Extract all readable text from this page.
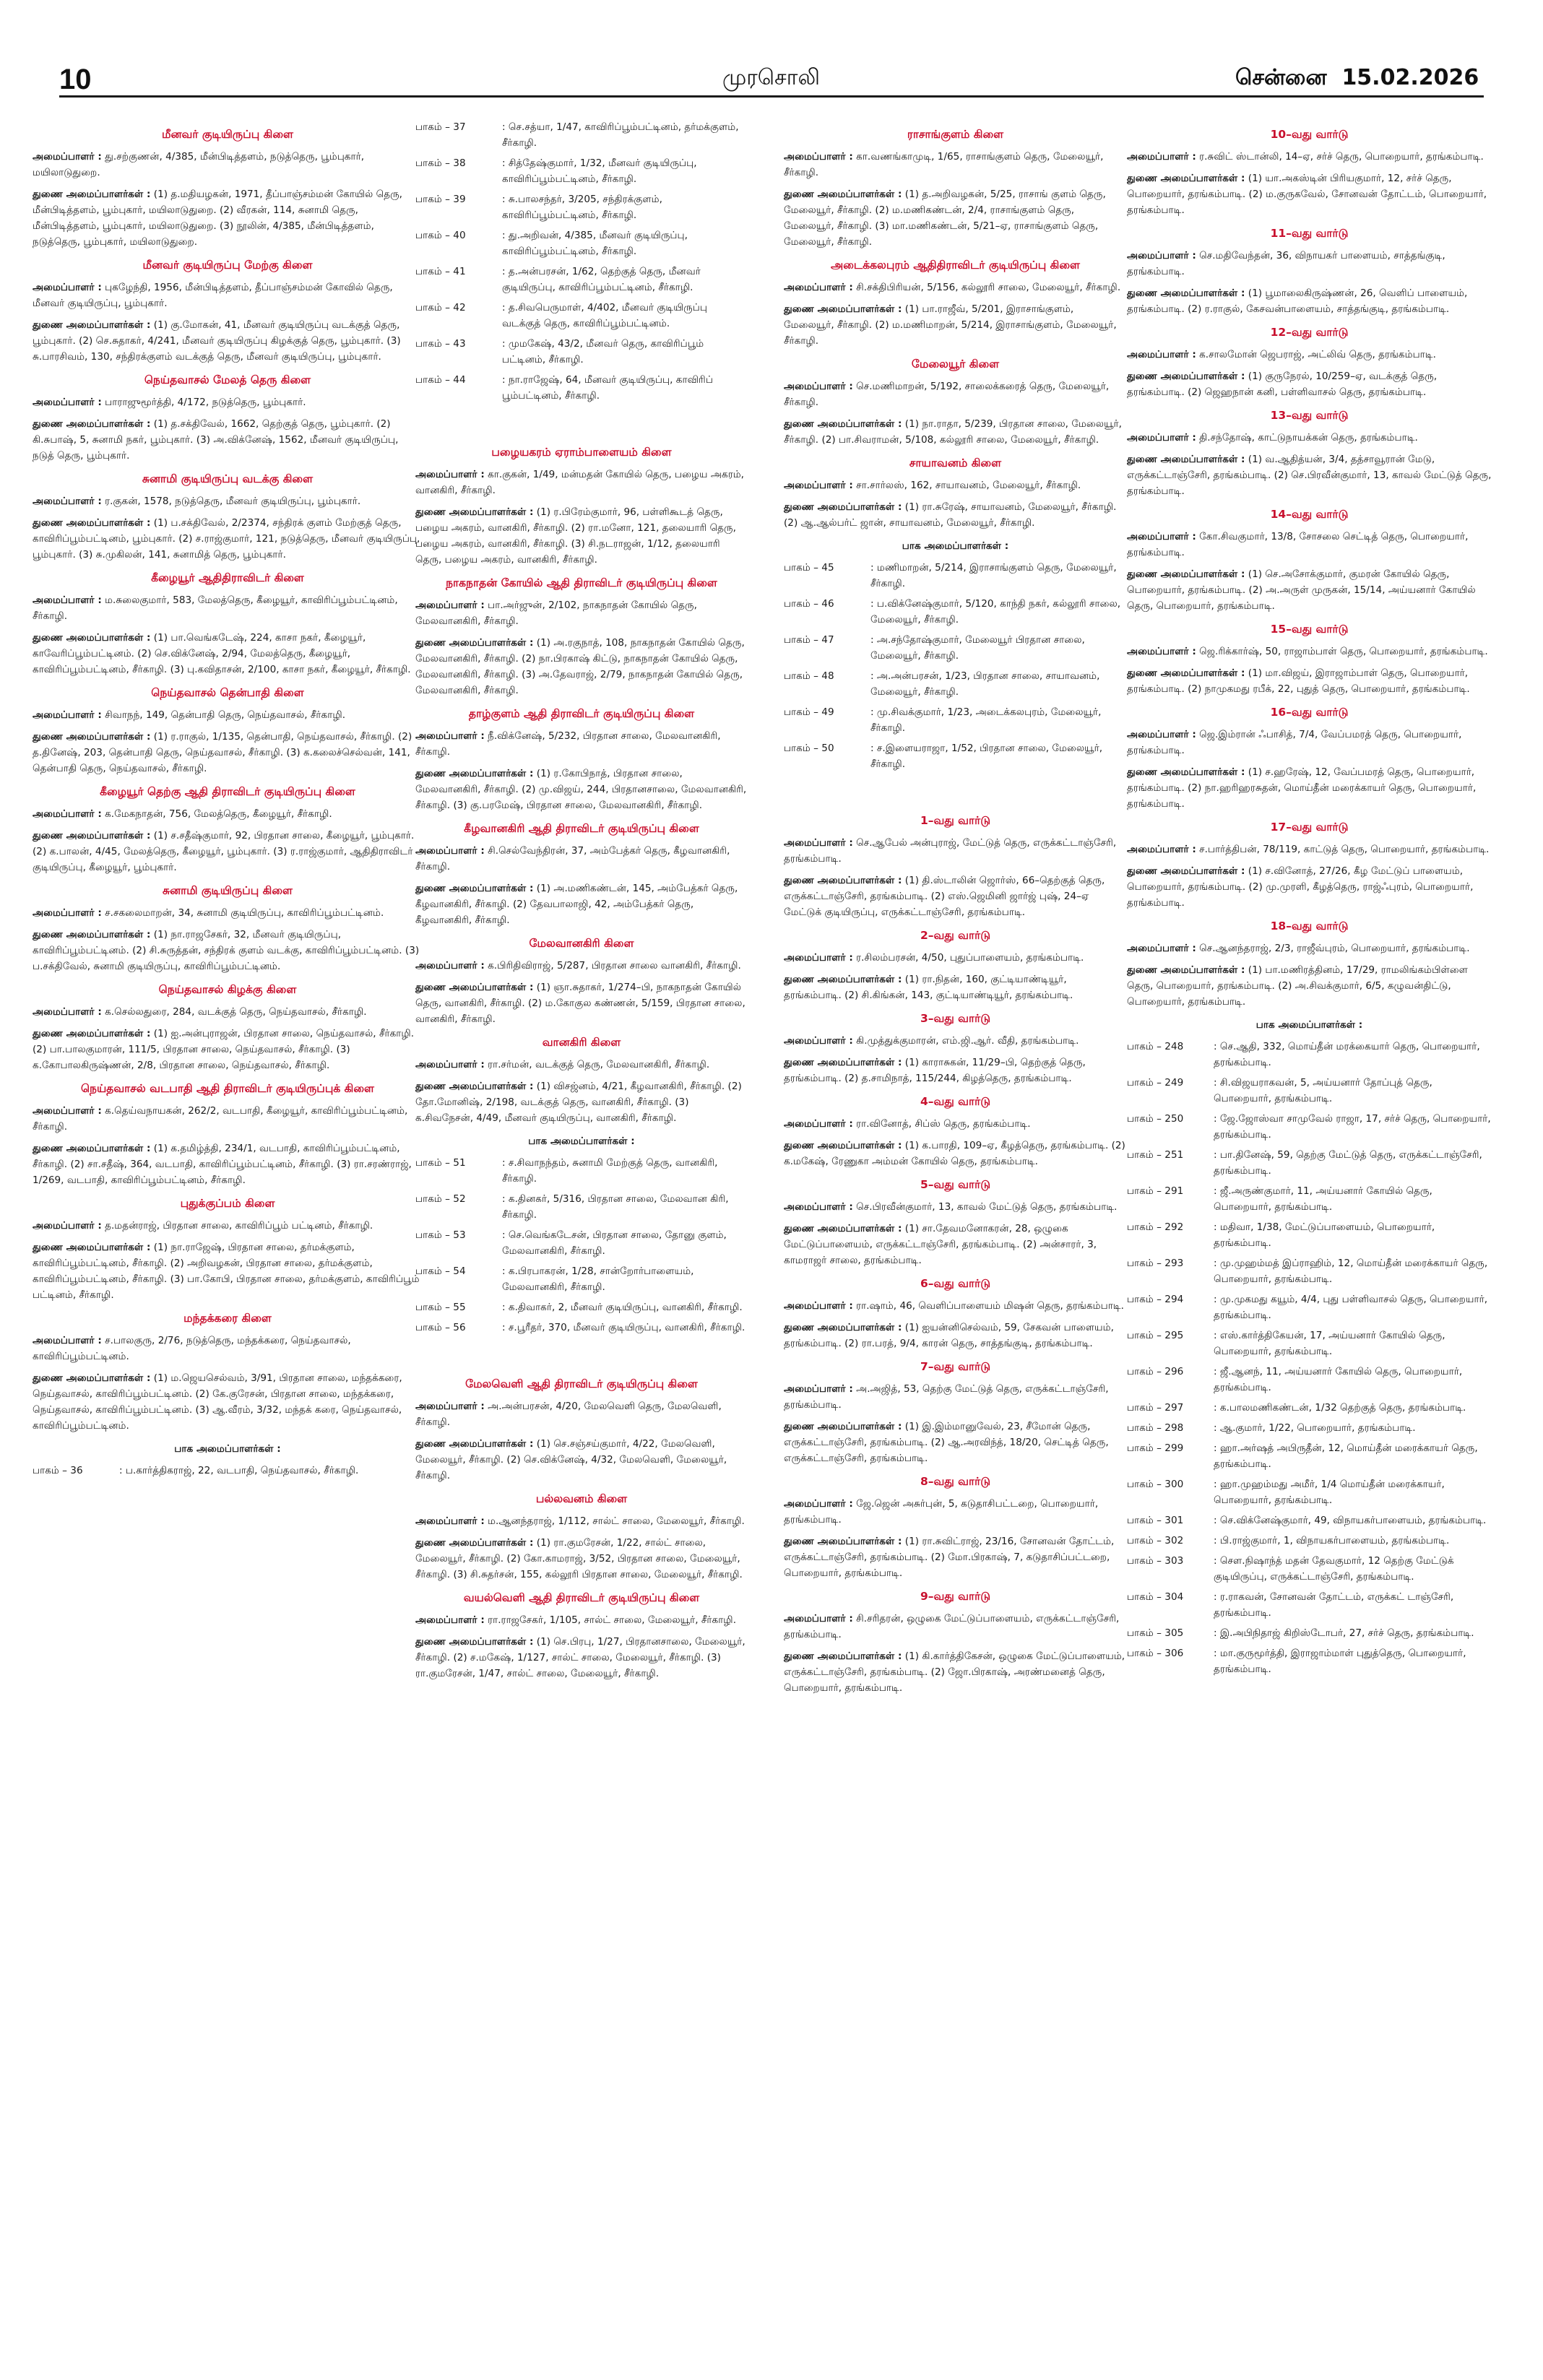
10	முரசொலி	சென்னை 15.02.2026
மீனவர் குடியிருப்பு கிளை
அமைப்பாளர் : து.சற்குணன், 4/385, மீன்பிடித்தளம், நடுத்தெரு, பூம்புகார், மயிலாடுதுறை.
துணை அமைப்பாளர்கள் : (1) த.மதியழகன், 1971, தீப்பாஞ்சம்மன் கோயில் தெரு, மீன்பிடித்தளம், பூம்புகார், மயிலாடுதுறை. (2) வீரகன், 114, சுனாமி தெரு, மீன்பிடித்தளம், பூம்புகார், மயிலாடுதுறை. (3) நூலின், 4/385, மீன்பிடித்தளம், நடுத்தெரு, பூம்புகார், மயிலாடுதுறை.
மீனவர் குடியிருப்பு மேற்கு கிளை
அமைப்பாளர் : புகழேந்தி, 1956, மீன்பிடித்தளம், தீப்பாஞ்சம்மன் கோவில் தெரு, மீனவர் குடியிருப்பு, பூம்புகார்.
துணை அமைப்பாளர்கள் : (1) கு.மோகன், 41, மீனவர் குடியிருப்பு வடக்குத் தெரு, பூம்புகார். (2) செ.சுதாகர், 4/241, மீனவர் குடியிருப்பு கிழக்குத் தெரு, பூம்புகார். (3) சு.பாரசிவம், 130, சந்திரக்குளம் வடக்குத் தெரு, மீனவர் குடியிருப்பு, பூம்புகார்.
நெய்தவாசல் மேலத் தெரு கிளை
அமைப்பாளர் : பாராஜுமூர்த்தி, 4/172, நடுத்தெரு, பூம்புகார்.
துணை அமைப்பாளர்கள் : (1) த.சக்திவேல், 1662, தெற்குத் தெரு, பூம்புகார். (2) கி.சுபாஷ், 5, சுனாமி நகர், பூம்புகார். (3) அ.விக்னேஷ், 1562, மீனவர் குடியிருப்பு, நடுத் தெரு, பூம்புகார்.
சுனாமி குடியிருப்பு வடக்கு கிளை
அமைப்பாளர் : ர.குகன், 1578, நடுத்தெரு, மீனவர் குடியிருப்பு, பூம்புகார்.
துணை அமைப்பாளர்கள் : (1) ப.சக்திவேல், 2/2374, சந்திரக் குளம் மேற்குத் தெரு, காவிரிப்பூம்பட்டினம், பூம்புகார். (2) ச.ராஜ்குமார், 121, நடுத்தெரு, மீனவர் குடியிருப்பு, பூம்புகார். (3) சு.முகிலன், 141, சுனாமித் தெரு, பூம்புகார்.
கீழையூர் ஆதிதிராவிடர் கிளை
அமைப்பாளர் : ம.சுலைகுமார், 583, மேலத்தெரு, கீழையூர், காவிரிப்பூம்பட்டினம், சீர்காழி.
துணை அமைப்பாளர்கள் : (1) பா.வெங்கடேஷ், 224, காசா நகர், கீழையூர், காவேரிப்பூம்பட்டினம். (2) செ.விக்னேஷ், 2/94, மேலத்தெரு, கீழையூர், காவிரிப்பூம்பட்டினம், சீர்காழி. (3) பு.கவிதாசன், 2/100, காசா நகர், கீழையூர், சீர்காழி.
நெய்தவாசல் தென்பாதி கிளை
அமைப்பாளர் : சிவாநந், 149, தென்பாதி தெரு, நெய்தவாசல், சீர்காழி.
துணை அமைப்பாளர்கள் : (1) ர.ராகுல், 1/135, தென்பாதி, நெய்தவாசல், சீர்காழி. (2) த.தினேஷ், 203, தென்பாதி தெரு, நெய்தவாசல், சீர்காழி. (3) க.கலைச்செல்வன், 141, தென்பாதி தெரு, நெய்தவாசல், சீர்காழி.
கீழையூர் தெற்கு ஆதி திராவிடர் குடியிருப்பு கிளை
அமைப்பாளர் : க.மேகநாதன், 756, மேலத்தெரு, கீழையூர், சீர்காழி.
துணை அமைப்பாளர்கள் : (1) ச.சதீஷ்குமார், 92, பிரதான சாலை, கீழையூர், பூம்புகார். (2) க.பாலன், 4/45, மேலத்தெரு, கீழையூர், பூம்புகார். (3) ர.ராஜ்குமார், ஆதிதிராவிடர் குடியிருப்பு, கீழையூர், பூம்புகார்.
சுனாமி குடியிருப்பு கிளை
அமைப்பாளர் : ச.சகலைமாறன், 34, சுனாமி குடியிருப்பு, காவிரிப்பூம்பட்டினம்.
துணை அமைப்பாளர்கள் : (1) நா.ராஜசேகர், 32, மீனவர் குடியிருப்பு, காவிரிப்பூம்பட்டினம். (2) சி.சுருத்தன், சந்திரக் குளம் வடக்கு, காவிரிப்பூம்பட்டினம். (3) ப.சக்திவேல், சுனாமி குடியிருப்பு, காவிரிப்பூம்பட்டினம்.
நெய்தவாசல் கிழக்கு கிளை
அமைப்பாளர் : க.செல்லதுரை, 284, வடக்குத் தெரு, நெய்தவாசல், சீர்காழி.
துணை அமைப்பாளர்கள் : (1) ஐ.அன்புராஜன், பிரதான சாலை, நெய்தவாசல், சீர்காழி. (2) பா.பாலகுமாரன், 111/5, பிரதான சாலை, நெய்தவாசல், சீர்காழி. (3) க.கோபாலகிருஷ்ணன், 2/8, பிரதான சாலை, நெய்தவாசல், சீர்காழி.
நெய்தவாசல் வடபாதி ஆதி திராவிடர் குடியிருப்புக் கிளை
அமைப்பாளர் : க.தெய்வநாயகன், 262/2, வடபாதி, கீழையூர், காவிரிப்பூம்பட்டினம், சீர்காழி.
துணை அமைப்பாளர்கள் : (1) க.தமிழ்த்தி, 234/1, வடபாதி, காவிரிப்பூம்பட்டினம், சீர்காழி. (2) சா.சதீஷ், 364, வடபாதி, காவிரிப்பூம்பட்டினம், சீர்காழி. (3) ரா.சரண்ராஜ், 1/269, வடபாதி, காவிரிப்பூம்பட்டினம், சீர்காழி.
புதுக்குப்பம் கிளை
அமைப்பாளர் : த.மதன்ராஜ், பிரதான சாலை, காவிரிப்பூம் பட்டினம், சீர்காழி.
துணை அமைப்பாளர்கள் : (1) நா.ராஜேஷ், பிரதான சாலை, தர்மக்குளம், காவிரிப்பூம்பட்டினம், சீர்காழி. (2) அறிவழகன், பிரதான சாலை, தர்மக்குளம், காவிரிப்பூம்பட்டினம், சீர்காழி. (3) பா.கோபி, பிரதான சாலை, தர்மக்குளம், காவிரிப்பூம் பட்டினம், சீர்காழி.
மந்தக்கரை கிளை
அமைப்பாளர் : ச.பாலகுரு, 2/76, நடுத்தெரு, மந்தக்கரை, நெய்தவாசல், காவிரிப்பூம்பட்டினம்.
துணை அமைப்பாளர்கள் : (1) ம.ஜெயசெல்வம், 3/91, பிரதான சாலை, மந்தக்கரை, நெய்தவாசல், காவிரிப்பூம்பட்டினம். (2) கே.குரேசன், பிரதான சாலை, மந்தக்கரை, நெய்தவாசல், காவிரிப்பூம்பட்டினம். (3) ஆ.வீரம், 3/32, மந்தக் கரை, நெய்தவாசல், காவிரிப்பூம்பட்டினம்.
பாக அமைப்பாளர்கள் :
பாகம் – 36	: ப.கார்த்திகராஜ், 22, வடபாதி, நெய்தவாசல், சீர்காழி.
பாகம் – 37	: செ.சத்யா, 1/47, காவிரிப்பூம்பட்டினம், தர்மக்குளம், சீர்காழி.
பாகம் – 38	: சித்தேஷ்குமார், 1/32, மீனவர் குடியிருப்பு, காவிரிப்பூம்பட்டினம், சீர்காழி.
பாகம் – 39	: சு.பாலசந்தர், 3/205, சந்திரக்குளம், காவிரிப்பூம்பட்டினம், சீர்காழி.
பாகம் – 40	: து.அறிவன், 4/385, மீனவர் குடியிருப்பு, காவிரிப்பூம்பட்டினம், சீர்காழி.
பாகம் – 41	: த.அன்பரசன், 1/62, தெற்குத் தெரு, மீனவர் குடியிருப்பு, காவிரிப்பூம்பட்டினம், சீர்காழி.
பாகம் – 42	: த.சிவபெருமாள், 4/402, மீனவர் குடியிருப்பு வடக்குத் தெரு, காவிரிப்பூம்பட்டினம்.
பாகம் – 43	: முமகேஷ், 43/2, மீனவர் தெரு, காவிரிப்பூம் பட்டினம், சீர்காழி.
பாகம் – 44	: நா.ராஜேஷ், 64, மீனவர் குடியிருப்பு, காவிரிப் பூம்பட்டினம், சீர்காழி.
பழையகரம் ஏராம்பாளையம் கிளை
அமைப்பாளர் : கா.குகன், 1/49, மன்மதன் கோயில் தெரு, பழைய அகரம், வானகிரி, சீர்காழி.
துணை அமைப்பாளர்கள் : (1) ர.பிரேம்குமார், 96, பள்ளிகூடத் தெரு, பழைய அகரம், வானகிரி, சீர்காழி. (2) ரா.மனோ, 121, தலையாரி தெரு, பழைய அகரம், வானகிரி, சீர்காழி. (3) சி.நடராஜன், 1/12, தலையாரி தெரு, பழைய அகரம், வானகிரி, சீர்காழி.
நாகநாதன் கோயில் ஆதி திராவிடர் குடியிருப்பு கிளை
அமைப்பாளர் : பா.அர்ஜுன், 2/102, நாகநாதன் கோயில் தெரு, மேலவானகிரி, சீர்காழி.
துணை அமைப்பாளர்கள் : (1) அ.ரகுநாத், 108, நாகநாதன் கோயில் தெரு, மேலவானகிரி, சீர்காழி. (2) நா.பிரகாஷ் கிட்டு, நாகநாதன் கோயில் தெரு, மேலவானகிரி, சீர்காழி. (3) அ.தேவராஜ், 2/79, நாகநாதன் கோயில் தெரு, மேலவானகிரி, சீர்காழி.
தாழ்குளம் ஆதி திராவிடர் குடியிருப்பு கிளை
அமைப்பாளர் : நீ.விக்னேஷ், 5/232, பிரதான சாலை, மேலவானகிரி, சீர்காழி.
துணை அமைப்பாளர்கள் : (1) ர.கோபிநாத், பிரதான சாலை, மேலவானகிரி, சீர்காழி. (2) மு.விஜய், 244, பிரதானசாலை, மேலவானகிரி, சீர்காழி. (3) கு.பரமேஷ், பிரதான சாலை, மேலவானகிரி, சீர்காழி.
கீழவானகிரி ஆதி திராவிடர் குடியிருப்பு கிளை
அமைப்பாளர் : சி.செல்வேந்திரன், 37, அம்பேத்கர் தெரு, கீழவானகிரி, சீர்காழி.
துணை அமைப்பாளர்கள் : (1) அ.மணிகண்டன், 145, அம்பேத்கர் தெரு, கீழவானகிரி, சீர்காழி. (2) தேவபாலாஜி, 42, அம்பேத்கர் தெரு, கீழவானகிரி, சீர்காழி.
மேலவானகிரி கிளை
அமைப்பாளர் : க.பிரிதிவிராஜ், 5/287, பிரதான சாலை வானகிரி, சீர்காழி.
துணை அமைப்பாளர்கள் : (1) ஞா.சுதாகர், 1/274–பி, நாகநாதன் கோயில் தெரு, வானகிரி, சீர்காழி. (2) ம.கோகுல கண்ணன், 5/159, பிரதான சாலை, வானகிரி, சீர்காழி.
வானகிரி கிளை
அமைப்பாளர் : ரா.சர்மன், வடக்குத் தெரு, மேலவானகிரி, சீர்காழி.
துணை அமைப்பாளர்கள் : (1) விசஜ்னம், 4/21, கீழவானகிரி, சீர்காழி. (2) தோ.மோனிஷ், 2/198, வடக்குத் தெரு, வானகிரி, சீர்காழி. (3) க.சிவநேசன், 4/49, மீனவர் குடியிருப்பு, வானகிரி, சீர்காழி.
பாக அமைப்பாளர்கள் :
பாகம் – 51	: ச.சிவாநந்தம், சுனாமி மேற்குத் தெரு, வானகிரி, சீர்காழி.
பாகம் – 52	: க.தினகர், 5/316, பிரதான சாலை, மேலவான கிரி, சீர்காழி.
பாகம் – 53	: செ.வெங்கடேசன், பிரதான சாலை, தோனு குளம், மேலவானகிரி, சீர்காழி.
பாகம் – 54	: க.பிரபாகரன், 1/28, சான்றோர்பாளையம், மேலவானகிரி, சீர்காழி.
பாகம் – 55	: க.திவாகர், 2, மீனவர் குடியிருப்பு, வானகிரி, சீர்காழி.
பாகம் – 56	: ச.பூரீதர், 370, மீனவர் குடியிருப்பு, வானகிரி, சீர்காழி.
மேலவெளி ஆதி திராவிடர் குடியிருப்பு கிளை
அமைப்பாளர் : அ.அன்பரசன், 4/20, மேலவெளி தெரு, மேலவெளி, சீர்காழி.
துணை அமைப்பாளர்கள் : (1) செ.சஞ்சய்குமார், 4/22, மேலவெளி, மேலையூர், சீர்காழி. (2) செ.விக்னேஷ், 4/32, மேலவெளி, மேலையூர், சீர்காழி.
பல்லவனம் கிளை
அமைப்பாளர் : ம.ஆனந்தராஜ், 1/112, சால்ட் சாலை, மேலையூர், சீர்காழி.
துணை அமைப்பாளர்கள் : (1) ரா.குமரேசன், 1/22, சால்ட் சாலை, மேலையூர், சீர்காழி. (2) கோ.காமராஜ், 3/52, பிரதான சாலை, மேலையூர், சீர்காழி. (3) சி.சுதர்சன், 155, கல்லூரி பிரதான சாலை, மேலையூர், சீர்காழி.
வயல்வெளி ஆதி திராவிடர் குடியிருப்பு கிளை
அமைப்பாளர் : ரா.ராஜசேகர், 1/105, சால்ட் சாலை, மேலையூர், சீர்காழி.
துணை அமைப்பாளர்கள் : (1) செ.பிரபு, 1/27, பிரதானசாலை, மேலையூர், சீர்காழி. (2) ச.மகேஷ், 1/127, சால்ட் சாலை, மேலையூர், சீர்காழி. (3) ரா.குமரேசன், 1/47, சால்ட் சாலை, மேலையூர், சீர்காழி.
ராசாங்குளம் கிளை
அமைப்பாளர் : கா.வணங்காமுடி, 1/65, ராசாங்குளம் தெரு, மேலையூர், சீர்காழி.
துணை அமைப்பாளர்கள் : (1) த.அறிவழகன், 5/25, ராசாங் குளம் தெரு, மேலையூர், சீர்காழி. (2) ம.மணிகண்டன், 2/4, ராசாங்குளம் தெரு, மேலையூர், சீர்காழி. (3) மா.மணிகண்டன், 5/21–ஏ, ராசாங்குளம் தெரு, மேலையூர், சீர்காழி.
அடைக்கலபுரம் ஆதிதிராவிடர் குடியிருப்பு கிளை
அமைப்பாளர் : சி.சக்திபிரியன், 5/156, கல்லூரி சாலை, மேலையூர், சீர்காழி.
துணை அமைப்பாளர்கள் : (1) பா.ராஜீவ், 5/201, இராசாங்குளம், மேலையூர், சீர்காழி. (2) ம.மணிமாறன், 5/214, இராசாங்குளம், மேலையூர், சீர்காழி.
மேலையூர் கிளை
அமைப்பாளர் : செ.மணிமாறன், 5/192, சாலைக்கரைத் தெரு, மேலையூர், சீர்காழி.
துணை அமைப்பாளர்கள் : (1) நா.ராதா, 5/239, பிரதான சாலை, மேலையூர், சீர்காழி. (2) பா.சிவராமன், 5/108, கல்லூரி சாலை, மேலையூர், சீர்காழி.
சாயாவனம் கிளை
அமைப்பாளர் : சா.சார்லஸ், 162, சாயாவனம், மேலையூர், சீர்காழி.
துணை அமைப்பாளர்கள் : (1) ரா.சுரேஷ், சாயாவனம், மேலையூர், சீர்காழி. (2) ஆ.ஆல்பர்ட் ஜான், சாயாவனம், மேலையூர், சீர்காழி.
பாக அமைப்பாளர்கள் :
பாகம் – 45	: மணிமாறன், 5/214, இராசாங்குளம் தெரு, மேலையூர், சீர்காழி.
பாகம் – 46	: ப.விக்னேஷ்குமார், 5/120, காந்தி நகர், கல்லூரி சாலை, மேலையூர், சீர்காழி.
பாகம் – 47	: அ.சந்தோஷ்குமார், மேலையூர் பிரதான சாலை, மேலையூர், சீர்காழி.
பாகம் – 48	: அ.அன்பரசன், 1/23, பிரதான சாலை, சாயாவனம், மேலையூர், சீர்காழி.
பாகம் – 49	: மு.சிவக்குமார், 1/23, அடைக்கலபுரம், மேலையூர், சீர்காழி.
பாகம் – 50	: ச.இளையராஜா, 1/52, பிரதான சாலை, மேலையூர், சீர்காழி.
1–வது வார்டு
அமைப்பாளர் : செ.ஆபேல் அன்புராஜ், மேட்டுத் தெரு, எருக்கட்டாஞ்சேரி, தரங்கம்பாடி.
துணை அமைப்பாளர்கள் : (1) தி.ஸ்டாலின் ஜொர்ஸ், 66–தெற்குத் தெரு, எருக்கட்டாஞ்சேரி, தரங்கம்பாடி. (2) எஸ்.ஜெமினி ஜார்ஜ் புஷ், 24–ஏ மேட்டுக் குடியிருப்பு, எருக்கட்டாஞ்சேரி, தரங்கம்பாடி.
2–வது வார்டு
அமைப்பாளர் : ர.சிலம்பரசன், 4/50, புதுப்பாளையம், தரங்கம்பாடி.
துணை அமைப்பாளர்கள் : (1) ரா.நிதன், 160, குட்டியாண்டியூர், தரங்கம்பாடி. (2) சி.கிங்கன், 143, குட்டியாண்டியூர், தரங்கம்பாடி.
3–வது வார்டு
அமைப்பாளர் : கி.முத்துக்குமாரன், எம்.ஜி.ஆர். வீதி, தரங்கம்பாடி.
துணை அமைப்பாளர்கள் : (1) காராசுகன், 11/29–பி, தெற்குத் தெரு, தரங்கம்பாடி. (2) த.சாமிநாத், 115/244, கிழத்தெரு, தரங்கம்பாடி.
4–வது வார்டு
அமைப்பாளர் : ரா.வினோத், சிப்ஸ் தெரு, தரங்கம்பாடி.
துணை அமைப்பாளர்கள் : (1) க.பாரதி, 109–ஏ, கீழத்தெரு, தரங்கம்பாடி. (2) க.மகேஷ், ரேணுகா அம்மன் கோயில் தெரு, தரங்கம்பாடி.
5–வது வார்டு
அமைப்பாளர் : செ.பிரவீன்குமார், 13, காவல் மேட்டுத் தெரு, தரங்கம்பாடி.
துணை அமைப்பாளர்கள் : (1) சா.தேவமனோகரன், 28, ஒழுகை மேட்டுப்பாளையம், எருக்கட்டாஞ்சேரி, தரங்கம்பாடி. (2) அன்சாரர், 3, காமராஜர் சாலை, தரங்கம்பாடி.
6–வது வார்டு
அமைப்பாளர் : ரா.ஷாம், 46, வெளிப்பாளையம் மிஷன் தெரு, தரங்கம்பாடி.
துணை அமைப்பாளர்கள் : (1) ஐயன்னிசெல்வம், 59, சேகவன் பாளையம், தரங்கம்பாடி. (2) ரா.பரத், 9/4, காரன் தெரு, சாத்தங்குடி, தரங்கம்பாடி.
7–வது வார்டு
அமைப்பாளர் : அ.அஜித், 53, தெற்கு மேட்டுத் தெரு, எருக்கட்டாஞ்சேரி, தரங்கம்பாடி.
துணை அமைப்பாளர்கள் : (1) இ.இம்மானுவேல், 23, சீமோன் தெரு, எருக்கட்டாஞ்சேரி, தரங்கம்பாடி. (2) ஆ.அரவிந்த், 18/20, செட்டித் தெரு, எருக்கட்டாஞ்சேரி, தரங்கம்பாடி.
8–வது வார்டு
அமைப்பாளர் : ஜே.ஜென் அசுர்புன், 5, கடுதாசிபட்டறை, பொறையார், தரங்கம்பாடி.
துணை அமைப்பாளர்கள் : (1) ரா.சுவிட்ராஜ், 23/16, சோனவன் தோட்டம், எருக்கட்டாஞ்சேரி, தரங்கம்பாடி. (2) மோ.பிரகாஷ், 7, கடுதாசிப்பட்டறை, பொறையார், தரங்கம்பாடி.
9–வது வார்டு
அமைப்பாளர் : சி.சரிதரன், ஒழுகை மேட்டுப்பாளையம், எருக்கட்டாஞ்சேரி, தரங்கம்பாடி.
துணை அமைப்பாளர்கள் : (1) கி.கார்த்திகேசன், ஒழுகை மேட்டுப்பாளையம், எருக்கட்டாஞ்சேரி, தரங்கம்பாடி. (2) ஜோ.பிரகாஷ், அரண்மனைத் தெரு, பொறையார், தரங்கம்பாடி.
10–வது வார்டு
அமைப்பாளர் : ர.சுவிட் ஸ்டான்லி, 14–ஏ, சர்ச் தெரு, பொறையார், தரங்கம்பாடி.
துணை அமைப்பாளர்கள் : (1) யா.அகஸ்டின் பிரியகுமார், 12, சர்ச் தெரு, பொறையார், தரங்கம்பாடி. (2) ம.குருகவேல், சோனவன் தோட்டம், பொறையார், தரங்கம்பாடி.
11–வது வார்டு
அமைப்பாளர் : செ.மதிவேந்தன், 36, விநாயகர் பாளையம், சாத்தங்குடி, தரங்கம்பாடி.
துணை அமைப்பாளர்கள் : (1) பூமாலைகிருஷ்ணன், 26, வெளிப் பாளையம், தரங்கம்பாடி. (2) ர.ராகுல், கேசவன்பாளையம், சாத்தங்குடி, தரங்கம்பாடி.
12–வது வார்டு
அமைப்பாளர் : க.சாலமோன் ஜெபராஜ், அட்லிவ் தெரு, தரங்கம்பாடி.
துணை அமைப்பாளர்கள் : (1) குருநேரல், 10/259–ஏ, வடக்குத் தெரு, தரங்கம்பாடி. (2) ஜெஹநான் கனி, பள்ளிவாசல் தெரு, தரங்கம்பாடி.
13–வது வார்டு
அமைப்பாளர் : தி.சந்தோஷ், காட்டுநாயக்கன் தெரு, தரங்கம்பாடி.
துணை அமைப்பாளர்கள் : (1) வ.ஆதித்யன், 3/4, தத்சாவூரான் மேடு, எருக்கட்டாஞ்சேரி, தரங்கம்பாடி. (2) செ.பிரவீன்குமார், 13, காவல் மேட்டுத் தெரு, தரங்கம்பாடி.
14–வது வார்டு
அமைப்பாளர் : கோ.சிவகுமார், 13/8, சோசலை செட்டித் தெரு, பொறையார், தரங்கம்பாடி.
துணை அமைப்பாளர்கள் : (1) செ.அசோக்குமார், குமரன் கோயில் தெரு, பொறையார், தரங்கம்பாடி. (2) அ.அருள் முருகன், 15/14, அய்யனார் கோயில் தெரு, பொறையார், தரங்கம்பாடி.
15–வது வார்டு
அமைப்பாளர் : ஜெ.ரிக்கார்ஷ், 50, ராஜாம்பாள் தெரு, பொறையார், தரங்கம்பாடி.
துணை அமைப்பாளர்கள் : (1) மா.விஜய், இராஜாம்பாள் தெரு, பொறையார், தரங்கம்பாடி. (2) நாமுகமது ரபீக், 22, புதுத் தெரு, பொறையார், தரங்கம்பாடி.
16–வது வார்டு
அமைப்பாளர் : ஜெ.இம்ரான் ஃபாசித், 7/4, வேப்பமரத் தெரு, பொறையார், தரங்கம்பாடி.
துணை அமைப்பாளர்கள் : (1) ச.ஹரேஷ், 12, வேப்பமரத் தெரு, பொறையார், தரங்கம்பாடி. (2) நா.ஹரிஹரசுதன், மொய்தீன் மரைக்காயர் தெரு, பொறையார், தரங்கம்பாடி.
17–வது வார்டு
அமைப்பாளர் : ச.பார்த்திபன், 78/119, காட்டுத் தெரு, பொறையார், தரங்கம்பாடி.
துணை அமைப்பாளர்கள் : (1) ச.வினோத், 27/26, கீழ மேட்டுப் பாளையம், பொறையார், தரங்கம்பாடி. (2) மு.முரளி, கீழத்தெரு, ராஜ்ஃபுரம், பொறையார், தரங்கம்பாடி.
18–வது வார்டு
அமைப்பாளர் : செ.ஆனந்தராஜ், 2/3, ராஜீவ்புரம், பொறையார், தரங்கம்பாடி.
துணை அமைப்பாளர்கள் : (1) பா.மணிரத்தினம், 17/29, ராமலிங்கம்பிள்ளை தெரு, பொறையார், தரங்கம்பாடி. (2) அ.சிவக்குமார், 6/5, கழுவன்திட்டு, பொறையார், தரங்கம்பாடி.
பாக அமைப்பாளர்கள் :
பாகம் – 248	: செ.ஆதி, 332, மொய்தீன் மரக்கையார் தெரு, பொறையார், தரங்கம்பாடி.
பாகம் – 249	: சி.விஜயராகவன், 5, அய்யனார் தோப்புத் தெரு, பொறையார், தரங்கம்பாடி.
பாகம் – 250	: ஜே.ஜோஸ்வா சாமுவேல் ராஜா, 17, சர்ச் தெரு, பொறையார், தரங்கம்பாடி.
பாகம் – 251	: பா.தினேஷ், 59, தெற்கு மேட்டுத் தெரு, எருக்கட்டாஞ்சேரி, தரங்கம்பாடி.
பாகம் – 291	: ஜீ.அருண்குமார், 11, அய்யனார் கோயில் தெரு, பொறையார், தரங்கம்பாடி.
பாகம் – 292	: மதிவா, 1/38, மேட்டுப்பாளையம், பொறையார், தரங்கம்பாடி.
பாகம் – 293	: மு.முஹம்மத் இப்ராஹிம், 12, மொய்தீன் மரைக்காயர் தெரு, பொறையார், தரங்கம்பாடி.
பாகம் – 294	: மு.முகமது கயூம், 4/4, புது பள்ளிவாசல் தெரு, பொறையார், தரங்கம்பாடி.
பாகம் – 295	: எஸ்.கார்த்திகேயன், 17, அய்யனார் கோயில் தெரு, பொறையார், தரங்கம்பாடி.
பாகம் – 296	: ஜீ.ஆனந், 11, அய்யனார் கோயில் தெரு, பொறையார், தரங்கம்பாடி.
பாகம் – 297	: க.பாலமணிகண்டன், 1/32 தெற்குத் தெரு, தரங்கம்பாடி.
பாகம் – 298	: ஆ.குமார், 1/22, பொறையார், தரங்கம்பாடி.
பாகம் – 299	: ஹா.அர்ஷத் அபிருதீன், 12, மொய்தீன் மரைக்காயர் தெரு, தரங்கம்பாடி.
பாகம் – 300	: ஹா.முஹம்மது அமீர், 1/4 மொய்தீன் மரைக்காயர், பொறையார், தரங்கம்பாடி.
பாகம் – 301	: செ.விக்னேஷ்குமார், 49, விநாயகர்பாளையம், தரங்கம்பாடி.
பாகம் – 302	: பி.ராஜ்குமார், 1, விநாயகர்பாளையம், தரங்கம்பாடி.
பாகம் – 303	: சௌ.நிஷாந்த் மதன் தேவகுமார், 12 தெற்கு மேட்டுக் குடியிருப்பு, எருக்கட்டாஞ்சேரி, தரங்கம்பாடி.
பாகம் – 304	: ர.ராகவன், சோனவன் தோட்டம், எருக்கட் டாஞ்சேரி, தரங்கம்பாடி.
பாகம் – 305	: இ.அபிநிதாஜ் கிறிஸ்டோபர், 27, சர்ச் தெரு, தரங்கம்பாடி.
பாகம் – 306	: மா.குருமூர்த்தி, இராஜாம்மாள் புதுத்தெரு, பொறையார், தரங்கம்பாடி.
